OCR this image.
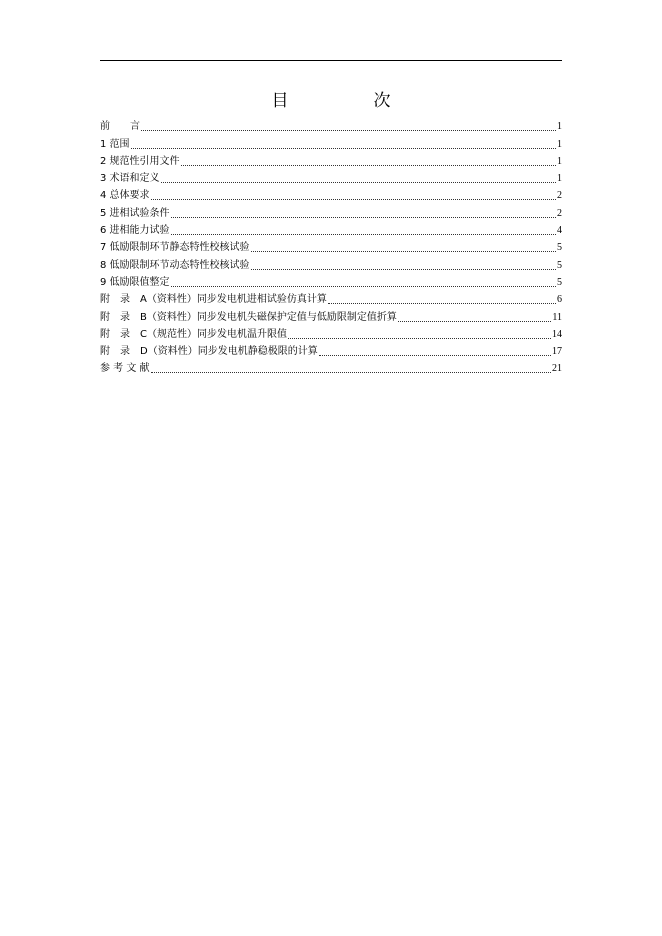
目　次
前　　言	1
1 范围	1
2 规范性引用文件	1
3 术语和定义	1
4 总体要求	2
5 进相试验条件	2
6 进相能力试验	4
7 低励限制环节静态特性校核试验	5
8 低励限制环节动态特性校核试验	5
9 低励限值整定	5
附　录　A（资料性）同步发电机进相试验仿真计算	6
附　录　B（资料性）同步发电机失磁保护定值与低励限制定值折算	11
附　录　C（规范性）同步发电机温升限值	14
附　录　D（资料性）同步发电机静稳极限的计算	17
参 考 文 献	21
